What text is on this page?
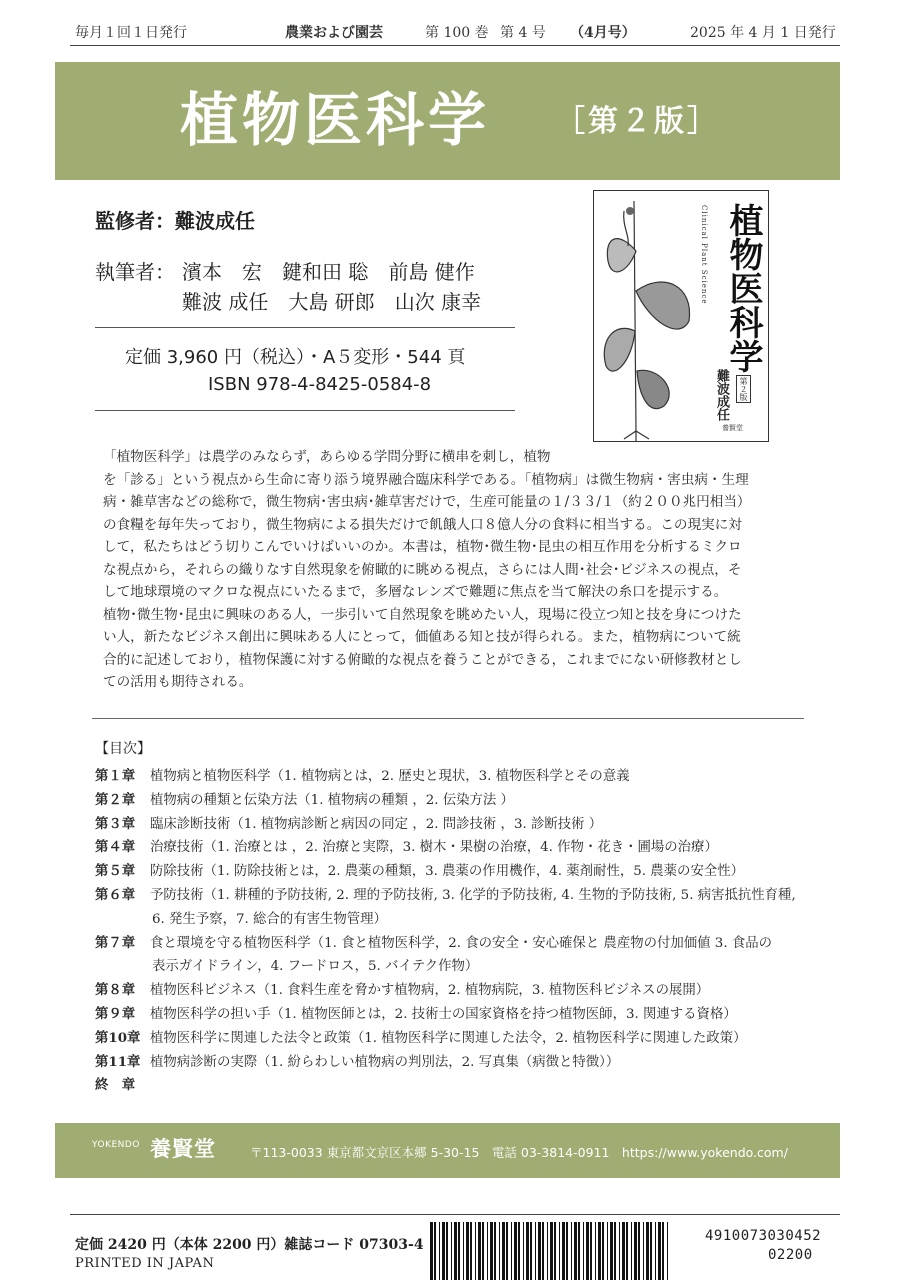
毎月１回１日発行	農業および園芸	第 100 巻 第 4 号 （4月号）	2025 年 4 月 1 日発行
植物医科学 ［第２版］
監修者：難波成任
執筆者： 濱本　宏　鍵和田 聡　前島 健作
難波 成任　大島 研郎　山次 康幸
定価 3,960 円（税込）・A５変形・544 頁
ISBN 978-4-8425-0584-8
Clinical Plant Science 植物医科学
難波成任	第２版
養賢堂

「植物医科学」は農学のみならず，あらゆる学問分野に横串を刺し，植物

を「診る」という視点から生命に寄り添う境界融合臨床科学である。「植物病」は微生物病・害虫病・生理

病・雑草害などの総称で，微生物病･害虫病･雑草害だけで，生産可能量の１/３３/１（約２００兆円相当）

の食糧を毎年失っており，微生物病による損失だけで飢餓人口８億人分の食料に相当する。この現実に対

して，私たちはどう切りこんでいけばいいのか。本書は，植物･微生物･昆虫の相互作用を分析するミクロ

な視点から，それらの織りなす自然現象を俯瞰的に眺める視点，さらには人間･社会･ビジネスの視点，そ

して地球環境のマクロな視点にいたるまで，多層なレンズで難題に焦点を当て解決の糸口を提示する。

植物･微生物･昆虫に興味のある人，一歩引いて自然現象を眺めたい人，現場に役立つ知と技を身につけた

い人，新たなビジネス創出に興味ある人にとって，価値ある知と技が得られる。また，植物病について統

合的に記述しており，植物保護に対する俯瞰的な視点を養うことができる，これまでにない研修教材とし

ての活用も期待される。

【目次】
第１章 植物病と植物医科学（1. 植物病とは，2. 歴史と現状，3. 植物医科学とその意義
第２章 植物病の種類と伝染方法（1. 植物病の種類 ，2. 伝染方法 ）
第３章 臨床診断技術（1. 植物病診断と病因の同定 ，2. 問診技術 ，3. 診断技術 ）
第４章 治療技術（1. 治療とは ，2. 治療と実際，3. 樹木・果樹の治療，4. 作物・花き・圃場の治療）
第５章 防除技術（1. 防除技術とは，2. 農薬の種類，3. 農薬の作用機作，4. 薬剤耐性，5. 農薬の安全性）
第６章 予防技術（1. 耕種的予防技術, 2. 理的予防技術, 3. 化学的予防技術, 4. 生物的予防技術, 5. 病害抵抗性育種,
6. 発生予察，7. 総合的有害生物管理）
第７章 食と環境を守る植物医科学（1. 食と植物医科学，2. 食の安全・安心確保と 農産物の付加価値 3. 食品の
表示ガイドライン，4. フードロス，5. バイテク作物）
第８章 植物医科ビジネス（1. 食料生産を脅かす植物病，2. 植物病院，3. 植物医科ビジネスの展開）
第９章 植物医科学の担い手（1. 植物医師とは，2. 技術士の国家資格を持つ植物医師，3. 関連する資格）
第10章 植物医科学に関連した法令と政策（1. 植物医科学に関連した法令，2. 植物医科学に関連した政策）
第11章 植物病診断の実際（1. 紛らわしい植物病の判別法，2. 写真集（病徴と特徴））
終　章
YOKENDO 養賢堂	〒113-0033 東京都文京区本郷 5-30-15　電話 03-3814-0911　https://www.yokendo.com/
定価 2420 円（本体 2200 円）雑誌コード 07303-4
PRINTED IN JAPAN
4910073030452
02200
